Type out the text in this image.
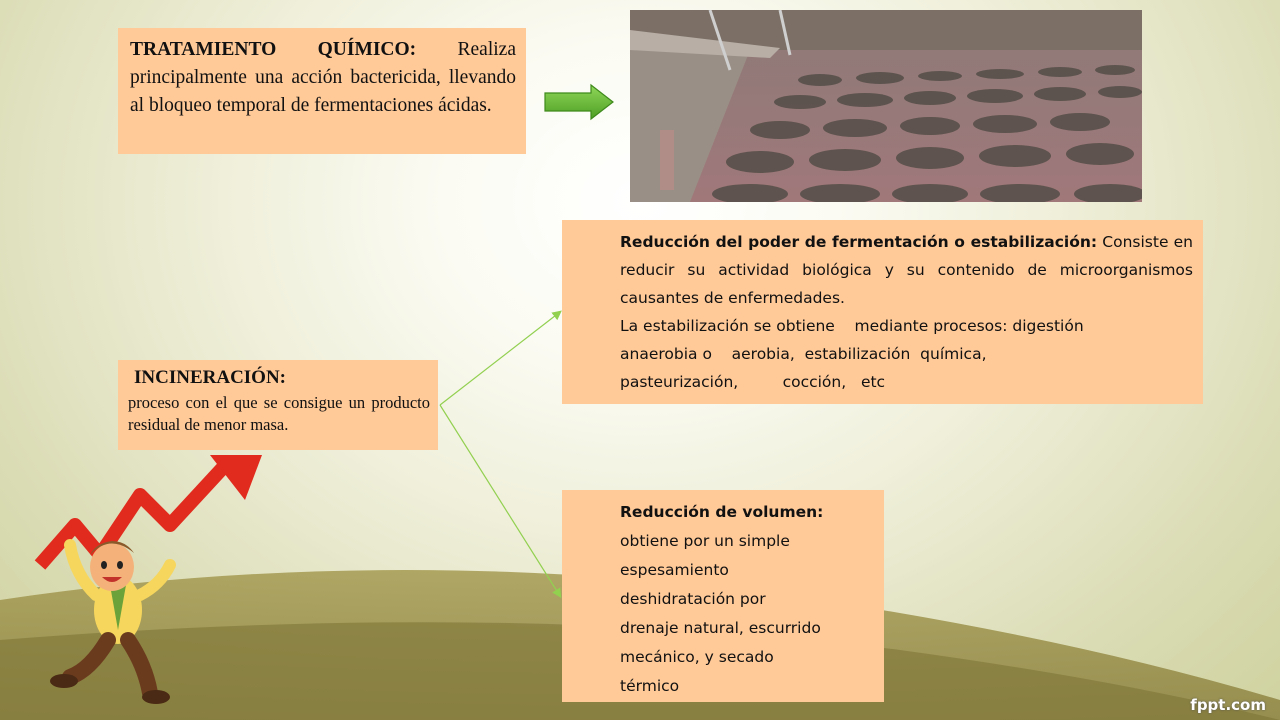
TRATAMIENTO QUÍMICO: Realiza principalmente una acción bactericida, llevando al bloqueo temporal de fermentaciones ácidas.
Reducción del poder de fermentación o estabilización: Consiste en reducir su actividad biológica y su contenido de microorganismos causantes de enfermedades.
La estabilización se obtiene    mediante procesos: digestión
anaerobia o    aerobia,  estabilización  química,
pasteurización,         cocción,   etc
INCINERACIÓN:
proceso con el que se consigue un producto residual de menor masa.
Reducción de volumen:
obtiene por un simple
espesamiento
deshidratación por
drenaje natural, escurrido
mecánico, y secado
térmico
fppt.com
